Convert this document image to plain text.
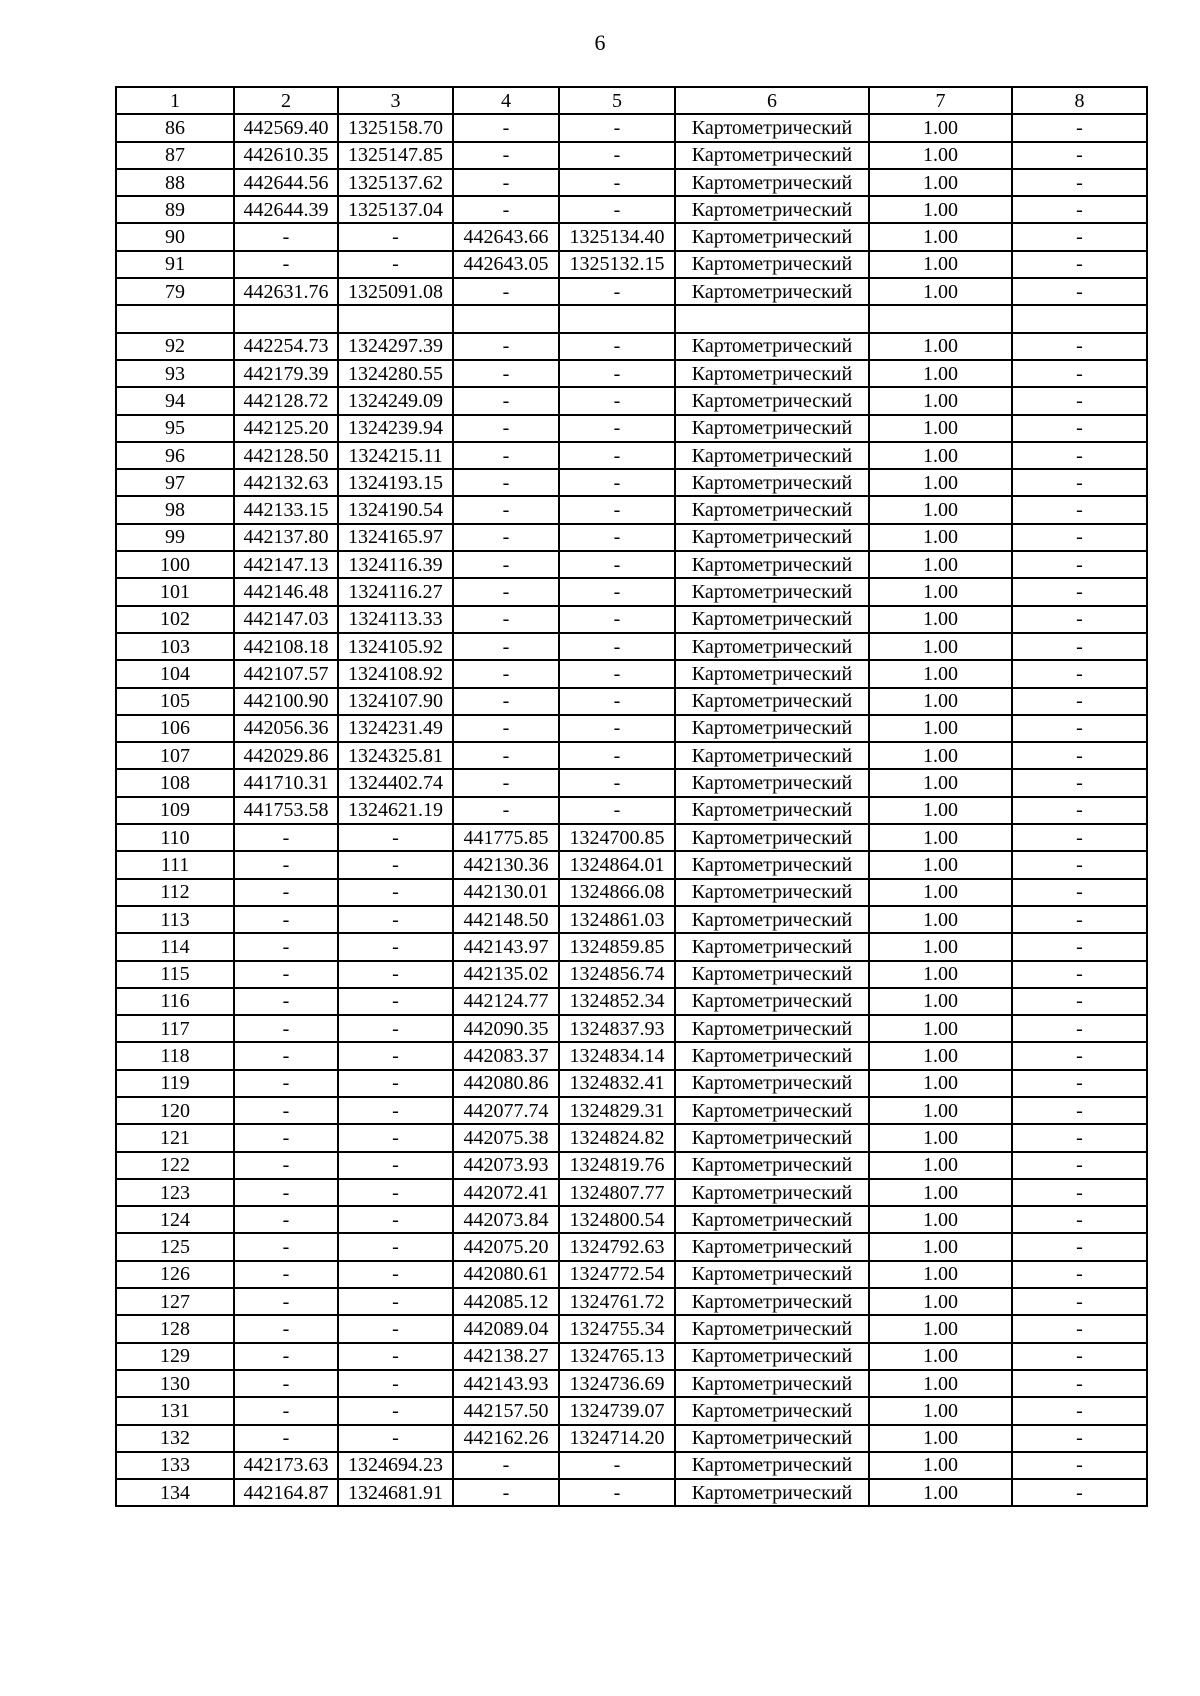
6
1	2	3	4	5	6	7	8
86	442569.40	1325158.70	-	-	Картометрический	1.00	-
87	442610.35	1325147.85	-	-	Картометрический	1.00	-
88	442644.56	1325137.62	-	-	Картометрический	1.00	-
89	442644.39	1325137.04	-	-	Картометрический	1.00	-
90	-	-	442643.66	1325134.40	Картометрический	1.00	-
91	-	-	442643.05	1325132.15	Картометрический	1.00	-
79	442631.76	1325091.08	-	-	Картометрический	1.00	-

92	442254.73	1324297.39	-	-	Картометрический	1.00	-
93	442179.39	1324280.55	-	-	Картометрический	1.00	-
94	442128.72	1324249.09	-	-	Картометрический	1.00	-
95	442125.20	1324239.94	-	-	Картометрический	1.00	-
96	442128.50	1324215.11	-	-	Картометрический	1.00	-
97	442132.63	1324193.15	-	-	Картометрический	1.00	-
98	442133.15	1324190.54	-	-	Картометрический	1.00	-
99	442137.80	1324165.97	-	-	Картометрический	1.00	-
100	442147.13	1324116.39	-	-	Картометрический	1.00	-
101	442146.48	1324116.27	-	-	Картометрический	1.00	-
102	442147.03	1324113.33	-	-	Картометрический	1.00	-
103	442108.18	1324105.92	-	-	Картометрический	1.00	-
104	442107.57	1324108.92	-	-	Картометрический	1.00	-
105	442100.90	1324107.90	-	-	Картометрический	1.00	-
106	442056.36	1324231.49	-	-	Картометрический	1.00	-
107	442029.86	1324325.81	-	-	Картометрический	1.00	-
108	441710.31	1324402.74	-	-	Картометрический	1.00	-
109	441753.58	1324621.19	-	-	Картометрический	1.00	-
110	-	-	441775.85	1324700.85	Картометрический	1.00	-
111	-	-	442130.36	1324864.01	Картометрический	1.00	-
112	-	-	442130.01	1324866.08	Картометрический	1.00	-
113	-	-	442148.50	1324861.03	Картометрический	1.00	-
114	-	-	442143.97	1324859.85	Картометрический	1.00	-
115	-	-	442135.02	1324856.74	Картометрический	1.00	-
116	-	-	442124.77	1324852.34	Картометрический	1.00	-
117	-	-	442090.35	1324837.93	Картометрический	1.00	-
118	-	-	442083.37	1324834.14	Картометрический	1.00	-
119	-	-	442080.86	1324832.41	Картометрический	1.00	-
120	-	-	442077.74	1324829.31	Картометрический	1.00	-
121	-	-	442075.38	1324824.82	Картометрический	1.00	-
122	-	-	442073.93	1324819.76	Картометрический	1.00	-
123	-	-	442072.41	1324807.77	Картометрический	1.00	-
124	-	-	442073.84	1324800.54	Картометрический	1.00	-
125	-	-	442075.20	1324792.63	Картометрический	1.00	-
126	-	-	442080.61	1324772.54	Картометрический	1.00	-
127	-	-	442085.12	1324761.72	Картометрический	1.00	-
128	-	-	442089.04	1324755.34	Картометрический	1.00	-
129	-	-	442138.27	1324765.13	Картометрический	1.00	-
130	-	-	442143.93	1324736.69	Картометрический	1.00	-
131	-	-	442157.50	1324739.07	Картометрический	1.00	-
132	-	-	442162.26	1324714.20	Картометрический	1.00	-
133	442173.63	1324694.23	-	-	Картометрический	1.00	-
134	442164.87	1324681.91	-	-	Картометрический	1.00	-
